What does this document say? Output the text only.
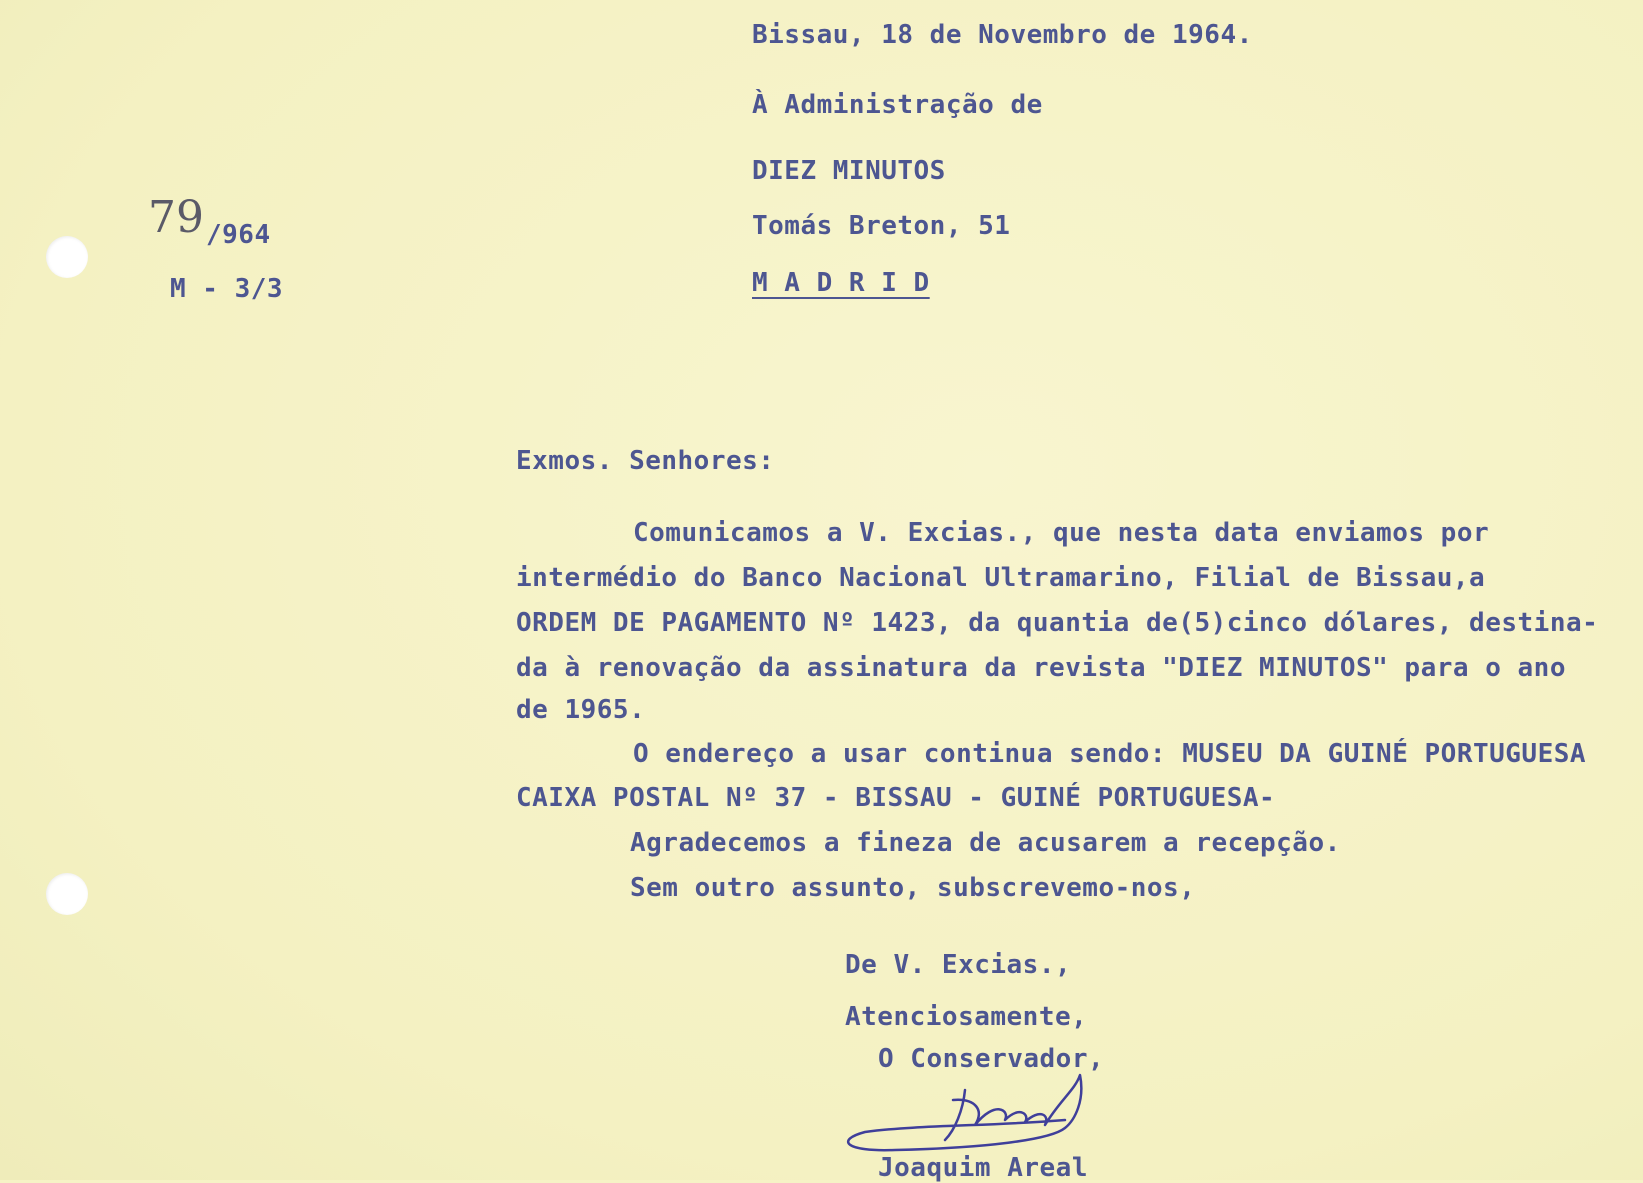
Bissau, 18 de Novembro de 1964.
À Administração de
DIEZ MINUTOS
Tomás Breton, 51
M A D R I D
79 /964
M - 3/3
Exmos. Senhores:
Comunicamos a V. Excias., que nesta data enviamos por
intermédio do Banco Nacional Ultramarino, Filial de Bissau,a
ORDEM DE PAGAMENTO Nº 1423, da quantia de(5)cinco dólares, destina-
da à renovação da assinatura da revista "DIEZ MINUTOS" para o ano
de 1965.
O endereço a usar continua sendo: MUSEU DA GUINÉ PORTUGUESA
CAIXA POSTAL Nº 37 - BISSAU - GUINÉ PORTUGUESA-
Agradecemos a fineza de acusarem a recepção.
Sem outro assunto, subscrevemo-nos,
De V. Excias.,
Atenciosamente,
O Conservador,
Joaquim Areal
